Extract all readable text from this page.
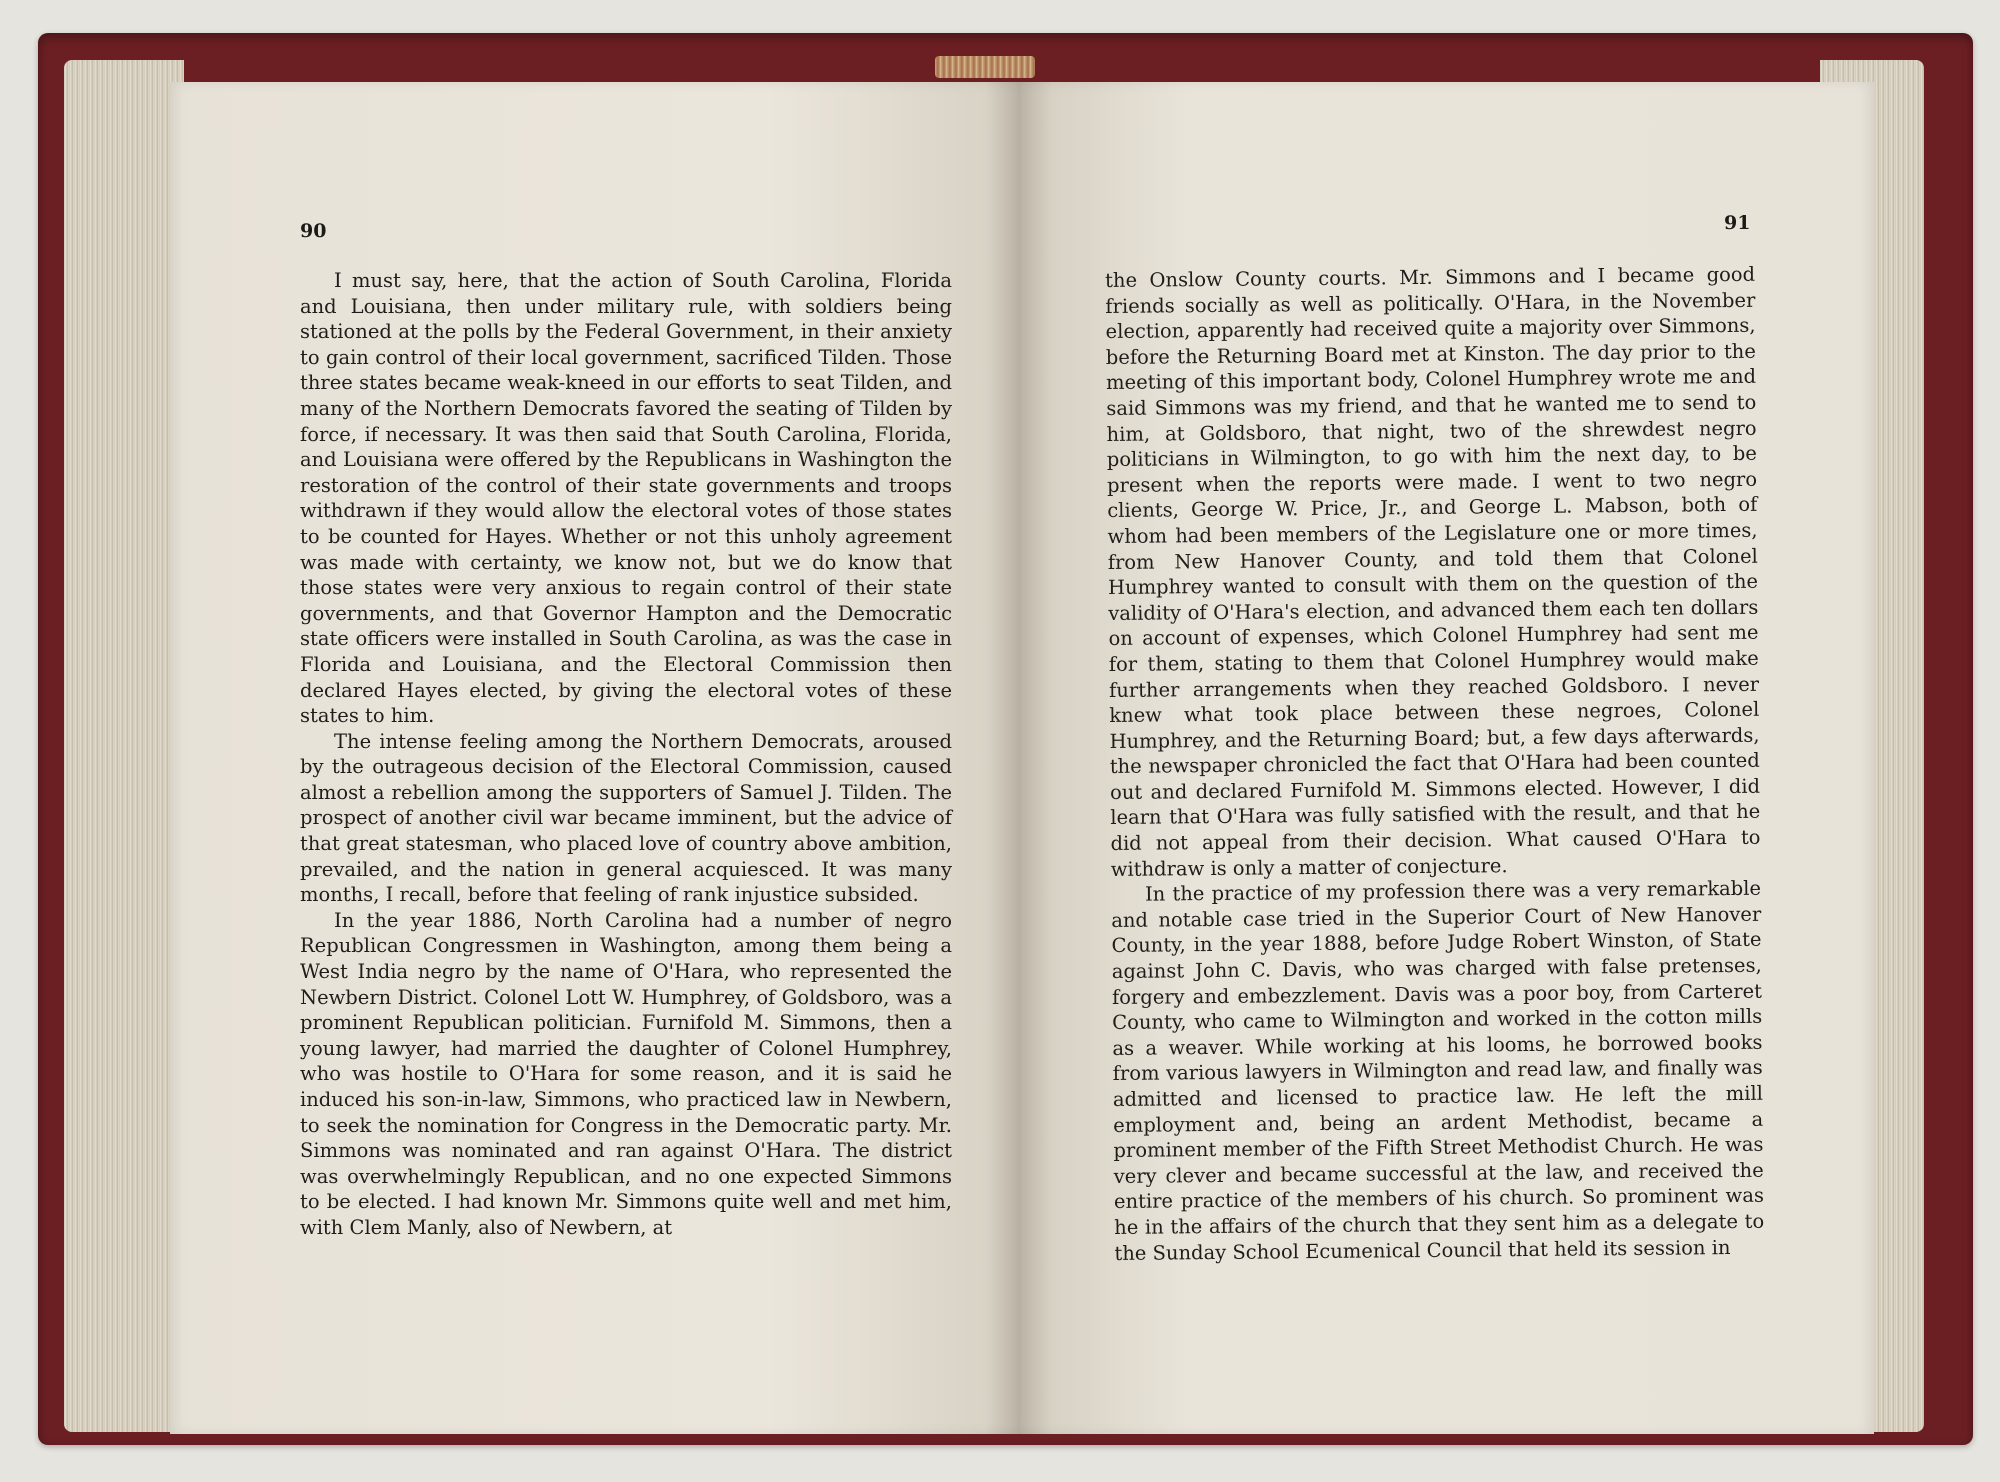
90	91

I must say, here, that the action of South Carolina, Florida and Louisiana, then under military rule, with soldiers being stationed at the polls by the Federal Government, in their anxiety to gain control of their local government, sacrificed Tilden. Those three states became weak-kneed in our efforts to seat Tilden, and many of the Northern Democrats favored the seating of Tilden by force, if necessary. It was then said that South Carolina, Florida, and Louisiana were offered by the Republicans in Washington the restoration of the control of their state governments and troops withdrawn if they would allow the electoral votes of those states to be counted for Hayes. Whether or not this unholy agreement was made with certainty, we know not, but we do know that those states were very anxious to regain control of their state governments, and that Governor Hampton and the Democratic state officers were installed in South Carolina, as was the case in Florida and Louisiana, and the Electoral Commission then declared Hayes elected, by giving the electoral votes of these states to him.

The intense feeling among the Northern Democrats, aroused by the outrageous decision of the Electoral Commission, caused almost a rebellion among the supporters of Samuel J. Tilden. The prospect of another civil war became imminent, but the advice of that great statesman, who placed love of country above ambition, prevailed, and the nation in general acquiesced. It was many months, I recall, before that feeling of rank injustice subsided.

In the year 1886, North Carolina had a number of negro Republican Congressmen in Washington, among them being a West India negro by the name of O'Hara, who represented the Newbern District. Colonel Lott W. Humphrey, of Goldsboro, was a prominent Republican politician. Furnifold M. Simmons, then a young lawyer, had married the daughter of Colonel Humphrey, who was hostile to O'Hara for some reason, and it is said he induced his son-in-law, Simmons, who practiced law in Newbern, to seek the nomination for Congress in the Democratic party. Mr. Simmons was nominated and ran against O'Hara. The district was overwhelmingly Republican, and no one expected Simmons to be elected. I had known Mr. Simmons quite well and met him, with Clem Manly, also of Newbern, at

the Onslow County courts. Mr. Simmons and I became good friends socially as well as politically. O'Hara, in the November election, apparently had received quite a majority over Simmons, before the Returning Board met at Kinston. The day prior to the meeting of this important body, Colonel Humphrey wrote me and said Simmons was my friend, and that he wanted me to send to him, at Goldsboro, that night, two of the shrewdest negro politicians in Wilmington, to go with him the next day, to be present when the reports were made. I went to two negro clients, George W. Price, Jr., and George L. Mabson, both of whom had been members of the Legislature one or more times, from New Hanover County, and told them that Colonel Humphrey wanted to consult with them on the question of the validity of O'Hara's election, and advanced them each ten dollars on account of expenses, which Colonel Humphrey had sent me for them, stating to them that Colonel Humphrey would make further arrangements when they reached Goldsboro. I never knew what took place between these negroes, Colonel Humphrey, and the Returning Board; but, a few days afterwards, the newspaper chronicled the fact that O'Hara had been counted out and declared Furnifold M. Simmons elected. However, I did learn that O'Hara was fully satisfied with the result, and that he did not appeal from their decision. What caused O'Hara to withdraw is only a matter of conjecture.

In the practice of my profession there was a very remarkable and notable case tried in the Superior Court of New Hanover County, in the year 1888, before Judge Robert Winston, of State against John C. Davis, who was charged with false pretenses, forgery and embezzlement. Davis was a poor boy, from Carteret County, who came to Wilmington and worked in the cotton mills as a weaver. While working at his looms, he borrowed books from various lawyers in Wilmington and read law, and finally was admitted and licensed to practice law. He left the mill employment and, being an ardent Methodist, became a prominent member of the Fifth Street Methodist Church. He was very clever and became successful at the law, and received the entire practice of the members of his church. So prominent was he in the affairs of the church that they sent him as a delegate to the Sunday School Ecumenical Council that held its session in
